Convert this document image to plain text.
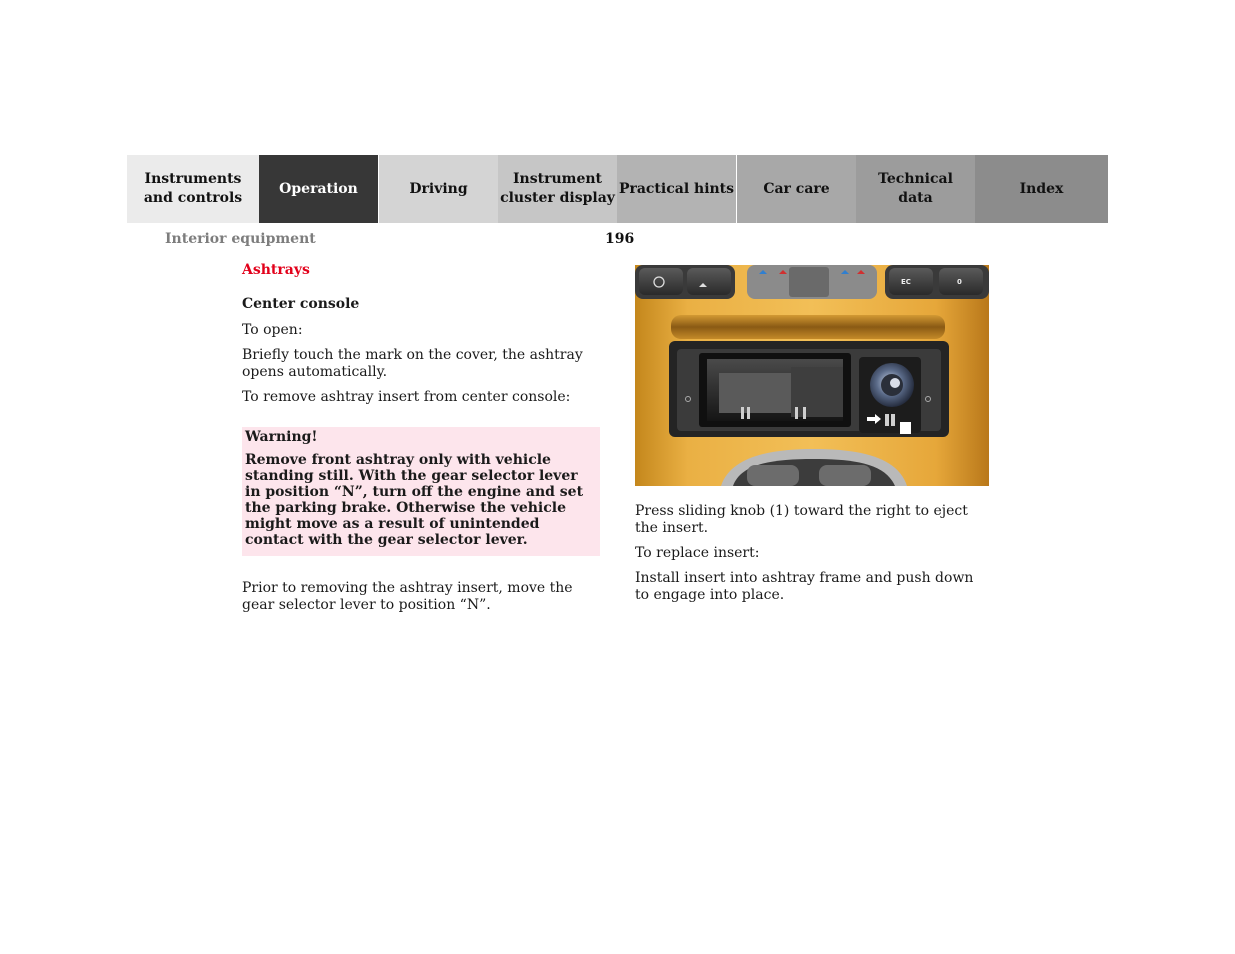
Instruments
and controls
Operation	Driving
Instrument
cluster display
Practical hints Car care
Technical
data
Index
Interior equipment	196
Ashtrays
Center console
To open:
Briefly touch the mark on the cover, the ashtray opens automatically.
To remove ashtray insert from center console:
Warning!
Remove front ashtray only with vehicle standing still. With the gear selector lever in position “N”, turn off the engine and set the parking brake. Otherwise the vehicle might move as a result of unintended contact with the gear selector lever.
Prior to removing the ashtray insert, move the gear selector lever to position “N”.
EC	0
Press sliding knob (1) toward the right to eject the insert.
To replace insert:
Install insert into ashtray frame and push down to engage into place.
